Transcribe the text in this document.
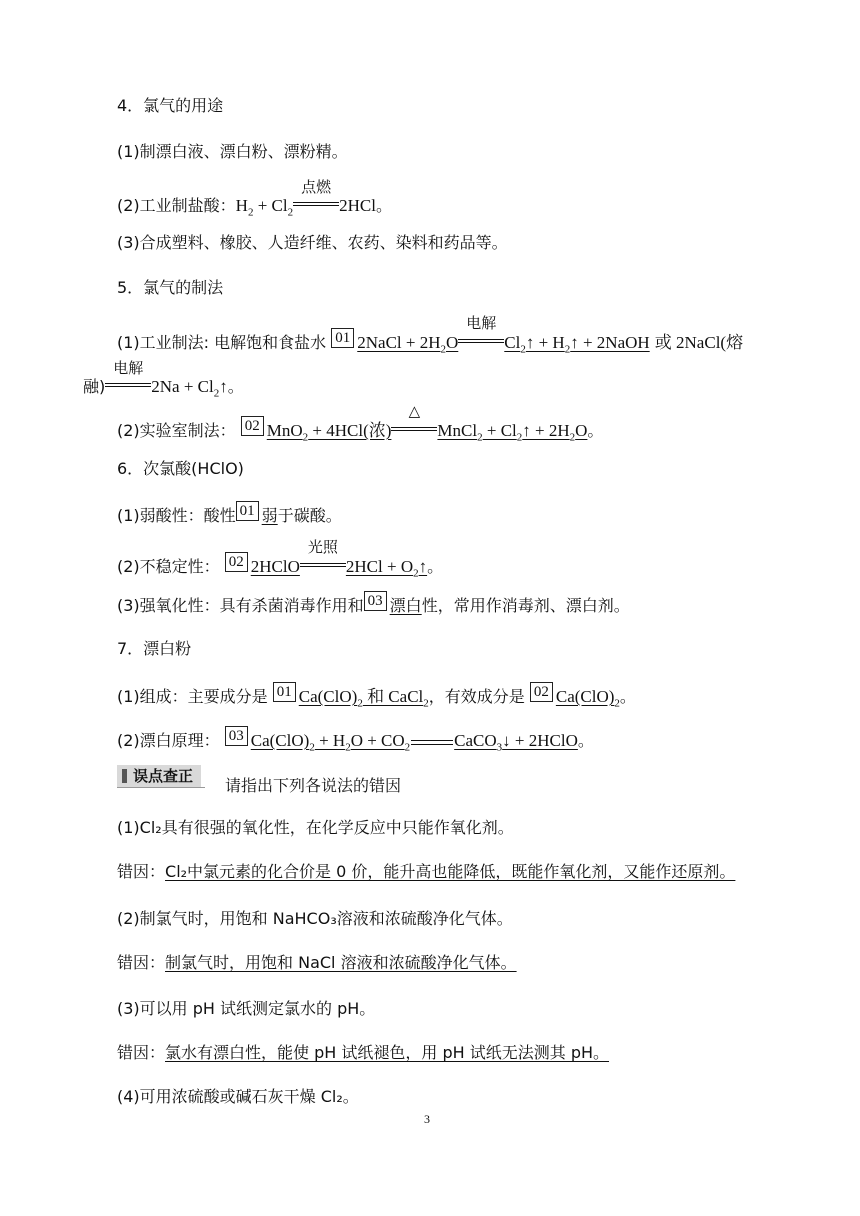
4．氯气的用途
(1)制漂白液、漂白粉、漂粉精。
(2)工业制盐酸：$H_2 + Cl_2$
点燃
2HCl。
(3)合成塑料、橡胶、人造纤维、农药、染料和药品等。
5．氯气的制法
(1)工业制法: 电解饱和食盐水 01 2NaCl + $2H_2O$
电解
$Cl_2↑$ + $H_2↑$ + 2NaOH 或 2NaCl(熔
融)
电解
$2Na + Cl_2↑$。
(2)实验室制法： 02 MnO$_2$ + 4HCl(浓)
△
MnCl$_2$ + $Cl_2↑ + 2H_2O$。
6．次氯酸(HClO)
(1)弱酸性：酸性 01 弱于碳酸。
(2)不稳定性： 02 2HClO
光照
$2HCl + O_2↑$。
(3)强氧化性：具有杀菌消毒作用和 03 漂白性，常用作消毒剂、漂白剂。
7．漂白粉
(1)组成：主要成分是 01 $Ca(ClO)_2$ 和 CaCl$_2$，有效成分是 02 $Ca(ClO)_2$。
(2)漂白原理： 03 $Ca(ClO)_2 + H_2O + CO_2$	CaCO$_3$↓ + 2HClO。
误点查正	请指出下列各说法的错因
(1)Cl₂具有很强的氧化性，在化学反应中只能作氧化剂。
错因：Cl₂中氯元素的化合价是 0 价，能升高也能降低，既能作氧化剂，又能作还原剂。
(2)制氯气时，用饱和 NaHCO₃溶液和浓硫酸净化气体。
错因：制氯气时，用饱和 NaCl 溶液和浓硫酸净化气体。
(3)可以用 pH 试纸测定氯水的 pH。
错因：氯水有漂白性，能使 pH 试纸褪色，用 pH 试纸无法测其 pH。
(4)可用浓硫酸或碱石灰干燥 Cl₂。
3
